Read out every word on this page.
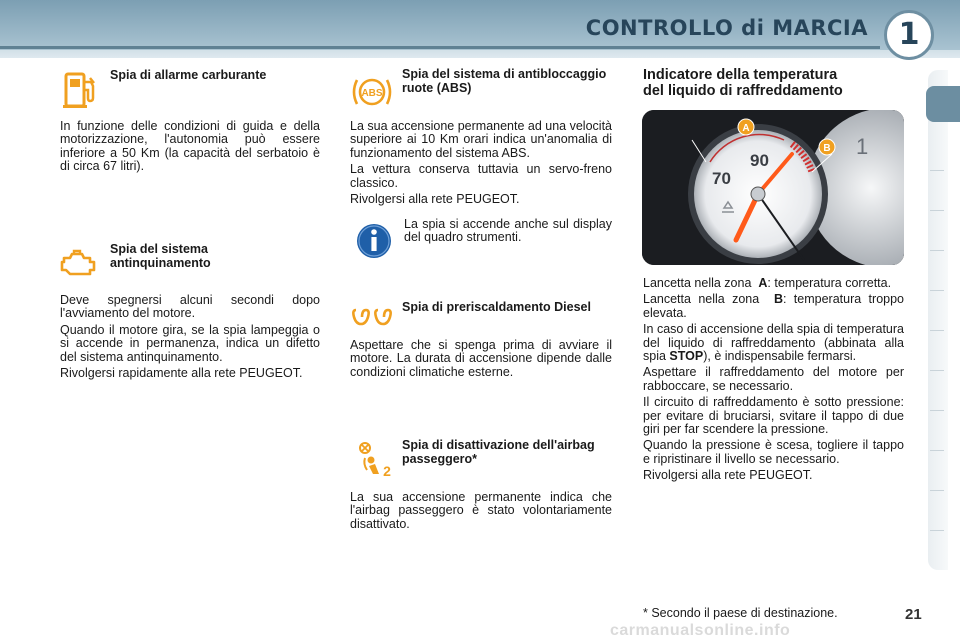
CONTROLLO di MARCIA	1
Spia di allarme carburante
In funzione delle condizioni di guida e della motorizzazione, l'autonomia può essere inferiore a 50 Km (la capacità del serbatoio è di circa 67 litri).
Spia del sistema antinquinamento
Deve spegnersi alcuni secondi dopo l'avviamento del motore.
Quando il motore gira, se la spia lampeggia o si accende in permanenza, indica un difetto del sistema antinquinamento.
Rivolgersi rapidamente alla rete PEUGEOT.
ABS
Spia del sistema di antibloccaggio ruote (ABS)
La sua accensione permanente ad una velocità superiore ai 10 Km orari indica un'anomalia di funzionamento del sistema ABS.
La vettura conserva tuttavia un servo-freno classico.
Rivolgersi alla rete PEUGEOT.
La spia si accende anche sul display del quadro strumenti.
Spia di preriscaldamento Diesel
Aspettare che si spenga prima di avviare il motore. La durata di accensione dipende dalle condizioni climatiche esterne.
2
Spia di disattivazione dell'airbag passeggero*
La sua accensione permanente indica che l'airbag passeggero è stato volontariamente disattivato.
Indicatore della temperatura
del liquido di raffreddamento
90
70
1
A
B
Lancetta nella zona A: temperatura corretta.
Lancetta nella zona B: temperatura troppo elevata.
In caso di accensione della spia di temperatura del liquido di raffreddamento (abbinata alla spia STOP), è indispensabile fermarsi.
Aspettare il raffreddamento del motore per rabboccare, se necessario.
Il circuito di raffreddamento è sotto pressione: per evitare di bruciarsi, svitare il tappo di due giri per far scendere la pressione.
Quando la pressione è scesa, togliere il tappo e ripristinare il livello se necessario.
Rivolgersi alla rete PEUGEOT.
* Secondo il paese di destinazione.	21
carmanualsonline.info
